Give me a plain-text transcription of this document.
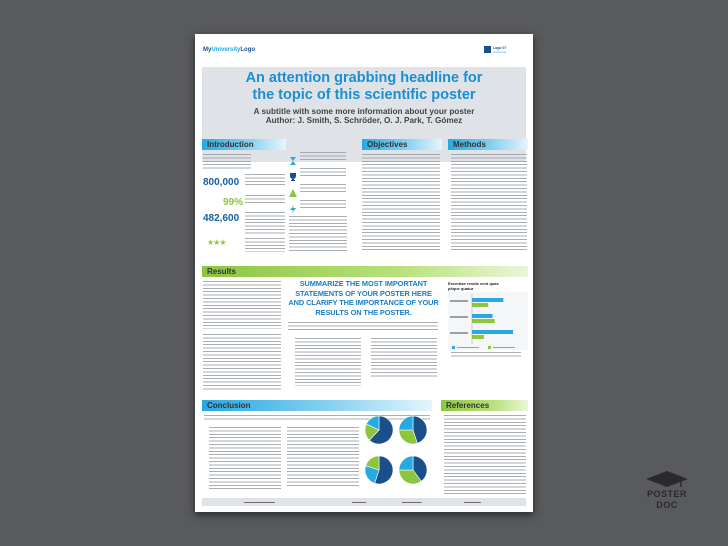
MyUniversityLogo	Logo 07
University
An attention grabbing headline for
the topic of this scientific poster
A subtitle with some more information about your poster
Author: J. Smith, S. Schröder, O. J. Park, T. Gómez
Introduction
800,000
99%
482,600
★★★
Objectives	Methods
Results
SUMMARIZE THE MOST IMPORTANT
STATEMENTS OF YOUR POSTER HERE
AND CLARIFY THE IMPORTANCE OF YOUR
RESULTS ON THE POSTER.
Excertiae rendis vent quas
plique quatur
Conclusion	References
▬▬▬▬▬▬▬▬▬▬▬	▬▬▬▬▬	▬▬▬▬▬▬▬	▬▬▬▬▬▬
POSTER
DOC
